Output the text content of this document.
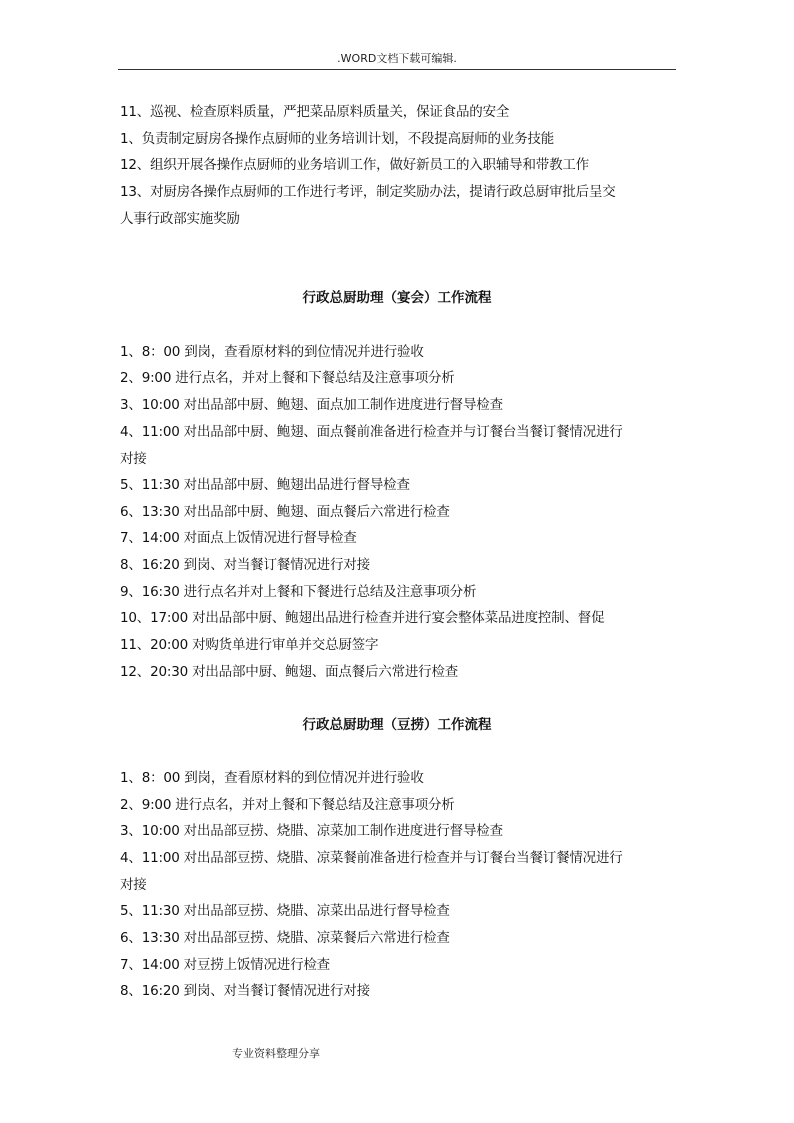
.WORD文档下载可编辑.
11、巡视、检查原料质量，严把菜品原料质量关，保证食品的安全
1、负责制定厨房各操作点厨师的业务培训计划，不段提高厨师的业务技能
12、组织开展各操作点厨师的业务培训工作，做好新员工的入职辅导和带教工作
13、对厨房各操作点厨师的工作进行考评，制定奖励办法，提请行政总厨审批后呈交
人事行政部实施奖励
行政总厨助理（宴会）工作流程
1、8：00 到岗，查看原材料的到位情况并进行验收
2、9:00 进行点名，并对上餐和下餐总结及注意事项分析
3、10:00 对出品部中厨、鲍翅、面点加工制作进度进行督导检查
4、11:00 对出品部中厨、鲍翅、面点餐前准备进行检查并与订餐台当餐订餐情况进行
对接
5、11:30 对出品部中厨、鲍翅出品进行督导检查
6、13:30 对出品部中厨、鲍翅、面点餐后六常进行检查
7、14:00 对面点上饭情况进行督导检查
8、16:20 到岗、对当餐订餐情况进行对接
9、16:30 进行点名并对上餐和下餐进行总结及注意事项分析
10、17:00 对出品部中厨、鲍翅出品进行检查并进行宴会整体菜品进度控制、督促
11、20:00 对购货单进行审单并交总厨签字
12、20:30 对出品部中厨、鲍翅、面点餐后六常进行检查
行政总厨助理（豆捞）工作流程
1、8：00 到岗，查看原材料的到位情况并进行验收
2、9:00 进行点名，并对上餐和下餐总结及注意事项分析
3、10:00 对出品部豆捞、烧腊、凉菜加工制作进度进行督导检查
4、11:00 对出品部豆捞、烧腊、凉菜餐前准备进行检查并与订餐台当餐订餐情况进行
对接
5、11:30 对出品部豆捞、烧腊、凉菜出品进行督导检查
6、13:30 对出品部豆捞、烧腊、凉菜餐后六常进行检查
7、14:00 对豆捞上饭情况进行检查
8、16:20 到岗、对当餐订餐情况进行对接
专业资料整理分享
